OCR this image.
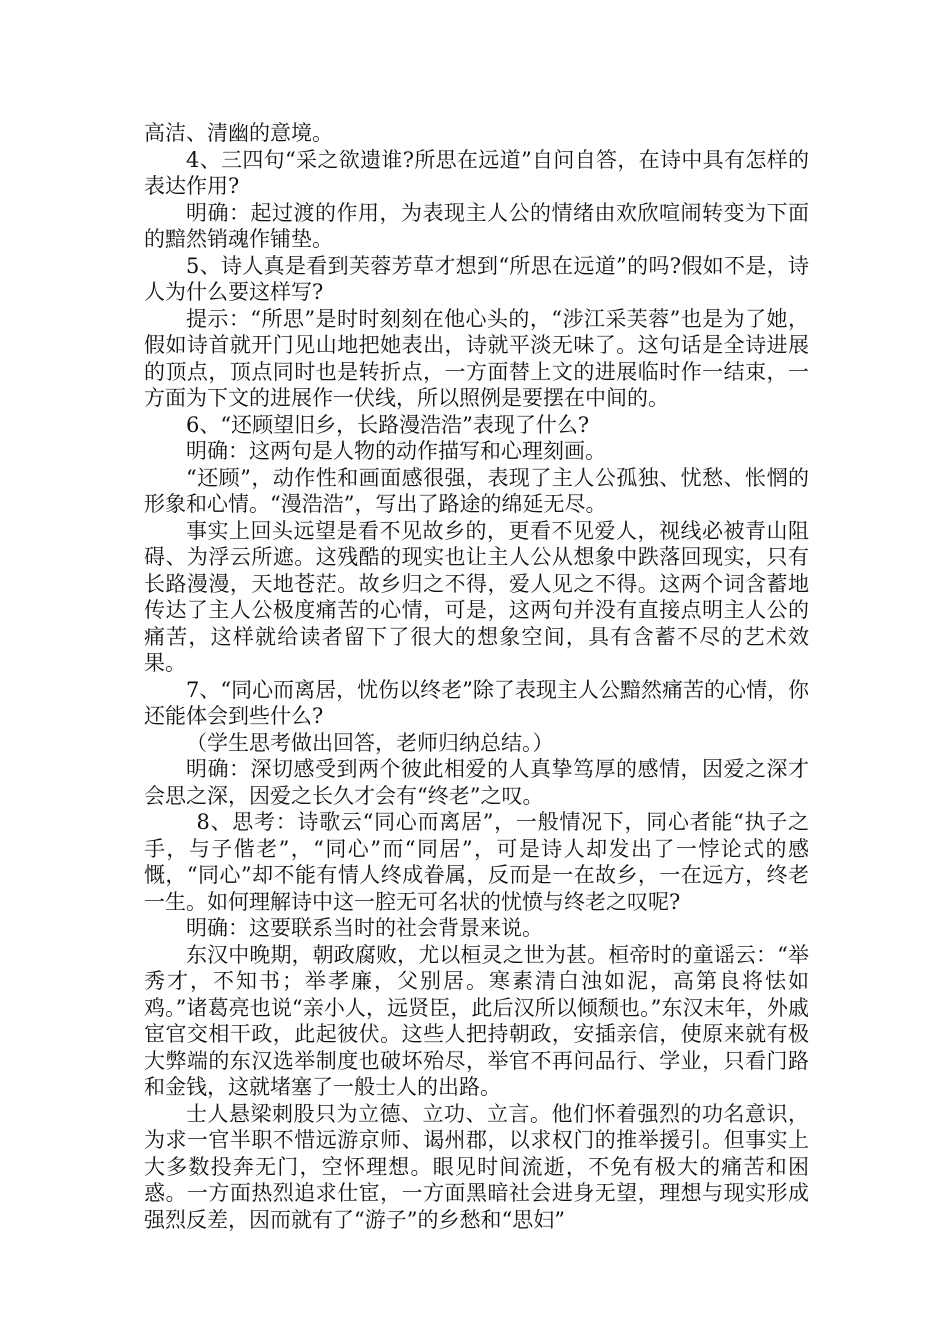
高洁、清幽的意境。

4、三四句“采之欲遗谁?所思在远道”自问自答，在诗中具有怎样的表达作用?

明确：起过渡的作用，为表现主人公的情绪由欢欣喧闹转变为下面的黯然销魂作铺垫。

5、诗人真是看到芙蓉芳草才想到“所思在远道”的吗?假如不是，诗人为什么要这样写?

提示：“所思”是时时刻刻在他心头的，“涉江采芙蓉”也是为了她，假如诗首就开门见山地把她表出，诗就平淡无味了。这句话是全诗进展的顶点，顶点同时也是转折点，一方面替上文的进展临时作一结束，一方面为下文的进展作一伏线，所以照例是要摆在中间的。

6、“还顾望旧乡，长路漫浩浩”表现了什么?

明确：这两句是人物的动作描写和心理刻画。

“还顾”，动作性和画面感很强，表现了主人公孤独、忧愁、怅惘的形象和心情。“漫浩浩”，写出了路途的绵延无尽。

事实上回头远望是看不见故乡的，更看不见爱人，视线必被青山阻碍、为浮云所遮。这残酷的现实也让主人公从想象中跌落回现实，只有长路漫漫，天地苍茫。故乡归之不得，爱人见之不得。这两个词含蓄地传达了主人公极度痛苦的心情，可是，这两句并没有直接点明主人公的痛苦，这样就给读者留下了很大的想象空间，具有含蓄不尽的艺术效果。

7、“同心而离居，忧伤以终老”除了表现主人公黯然痛苦的心情，你还能体会到些什么?

（学生思考做出回答，老师归纳总结。）

明确：深切感受到两个彼此相爱的人真挚笃厚的感情，因爱之深才会思之深，因爱之长久才会有“终老”之叹。

8、思考：诗歌云“同心而离居”，一般情况下，同心者能“执子之手，与子偕老”，“同心”而“同居”，可是诗人却发出了一悖论式的感慨，“同心”却不能有情人终成眷属，反而是一在故乡，一在远方，终老一生。如何理解诗中这一腔无可名状的忧愤与终老之叹呢?

明确：这要联系当时的社会背景来说。

东汉中晚期，朝政腐败，尤以桓灵之世为甚。桓帝时的童谣云：“举秀才，不知书；举孝廉，父别居。寒素清白浊如泥，高第良将怯如鸡。”诸葛亮也说“亲小人，远贤臣，此后汉所以倾颓也。”东汉末年，外戚宦官交相干政，此起彼伏。这些人把持朝政，安插亲信，使原来就有极大弊端的东汉选举制度也破坏殆尽，举官不再问品行、学业，只看门路和金钱，这就堵塞了一般士人的出路。

士人悬梁刺股只为立德、立功、立言。他们怀着强烈的功名意识，为求一官半职不惜远游京师、谒州郡，以求权门的推举援引。但事实上大多数投奔无门，空怀理想。眼见时间流逝，不免有极大的痛苦和困惑。一方面热烈追求仕宦，一方面黑暗社会进身无望，理想与现实形成强烈反差，因而就有了“游子”的乡愁和“思妇”
